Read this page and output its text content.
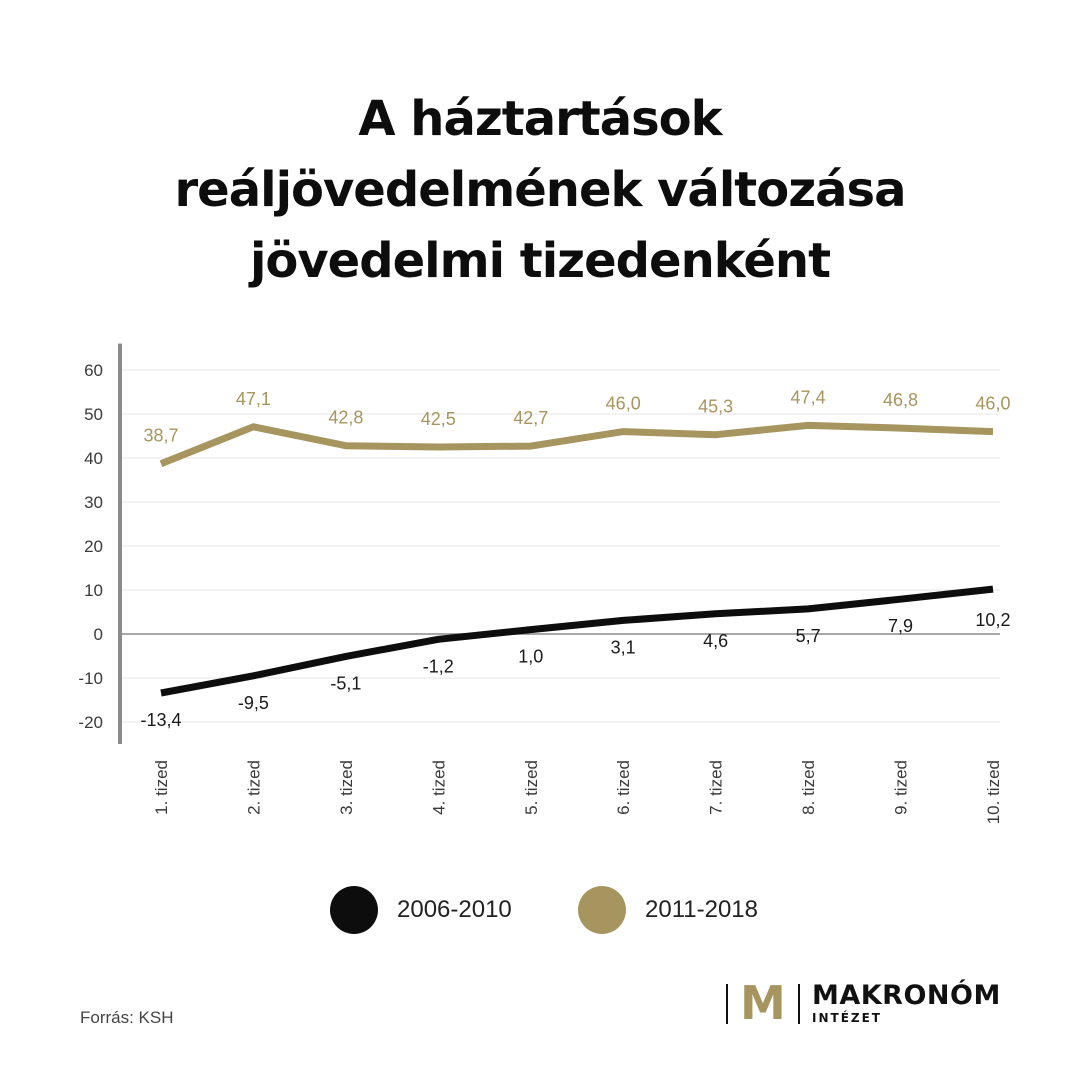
A háztartások
reáljövedelmének változása
jövedelmi tizedenként
-20
-10
0
10
20
30
40
50
60
1. tized	2. tized	3. tized	4. tized	5. tized	6. tized	7. tized	8. tized	9. tized	10. tized
-13,4
-9,5
-5,1
-1,2	1,0	3,1	4,6	5,7	7,9	10,2
38,7
47,1
42,8	42,5	42,7
46,0	45,3	47,4	46,8	46,0
2006-2010	2011-2018
Forrás: KSH	M MAKRONÓM
INTÉZET
